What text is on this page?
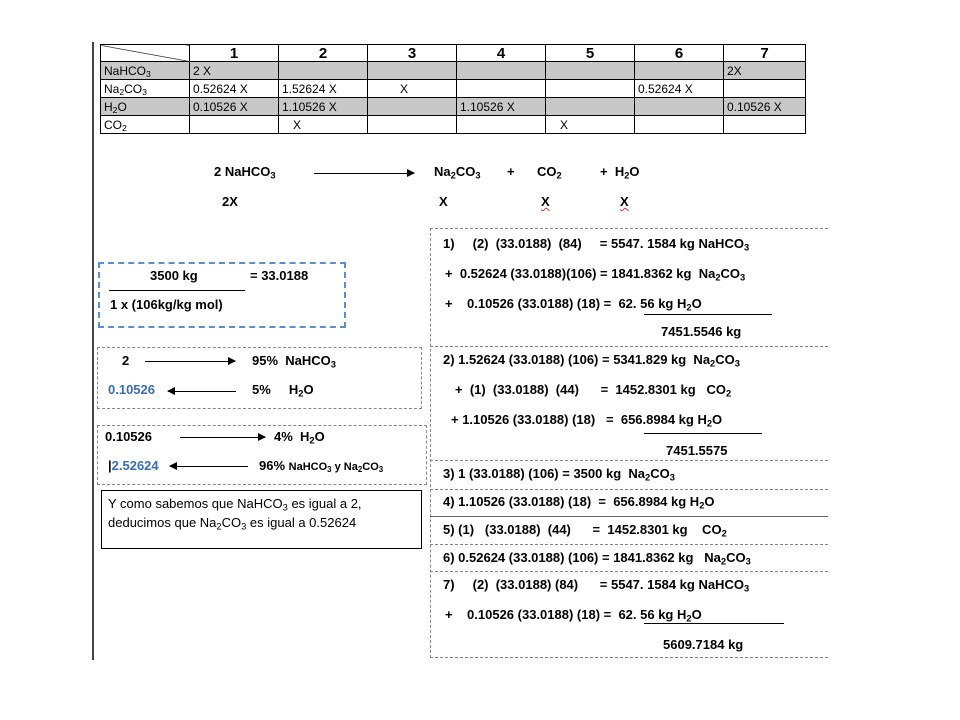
	1	2	3	4	5	6	7
NaHCO$_3$	2 X						2X
$Na_2CO_3$	0.52624 X	1.52624 X	X			0.52624 X	
$H_2O$	0.10526 X	1.10526 X		1.10526 X			0.10526 X
$CO_2$		X			X		
2 NaHCO$_3$	$Na_2CO_3 + CO_2$	+  $H_2O$
2X	X	X	X
3500 kg	= 33.0188
1 x (106kg/kg mol)
2	95%  NaHCO$_3$
0.10526	5%     $H_2O$
0.10526	4%  $H_2O$
|2.52624	96% NaHCO$_3$ y $Na_2CO_3$
Y como sabemos que NaHCO$_3$ es igual a 2,
deducimos que $Na_2CO_3$ es igual a 0.52624
1)     (2)  (33.0188)  (84)     = 5547. 1584 kg NaHCO$_3$
+  0.52624 (33.0188)(106) = 1841.8362 kg  $Na_2CO_3$
+    0.10526 (33.0188) (18) =  62. 56 kg $H_2O$
7451.5546 kg
2) 1.52624 (33.0188) (106) = 5341.829 kg  $Na_2CO_3$
+  (1)  (33.0188)  (44)      =  1452.8301 kg   $CO_2$
+ 1.10526 (33.0188) (18)   =  656.8984 kg $H_2O$
7451.5575
3) 1 (33.0188) (106) = 3500 kg  $Na_2CO_3$
4) 1.10526 (33.0188) (18)  =  656.8984 kg $H_2O$
5) (1)   (33.0188)  (44)      =  1452.8301 kg    $CO_2$
6) 0.52624 (33.0188) (106) = 1841.8362 kg   $Na_2CO_3$
7)     (2)  (33.0188) (84)      = 5547. 1584 kg NaHCO$_3$
+    0.10526 (33.0188) (18) =  62. 56 kg $H_2O$
5609.7184 kg
